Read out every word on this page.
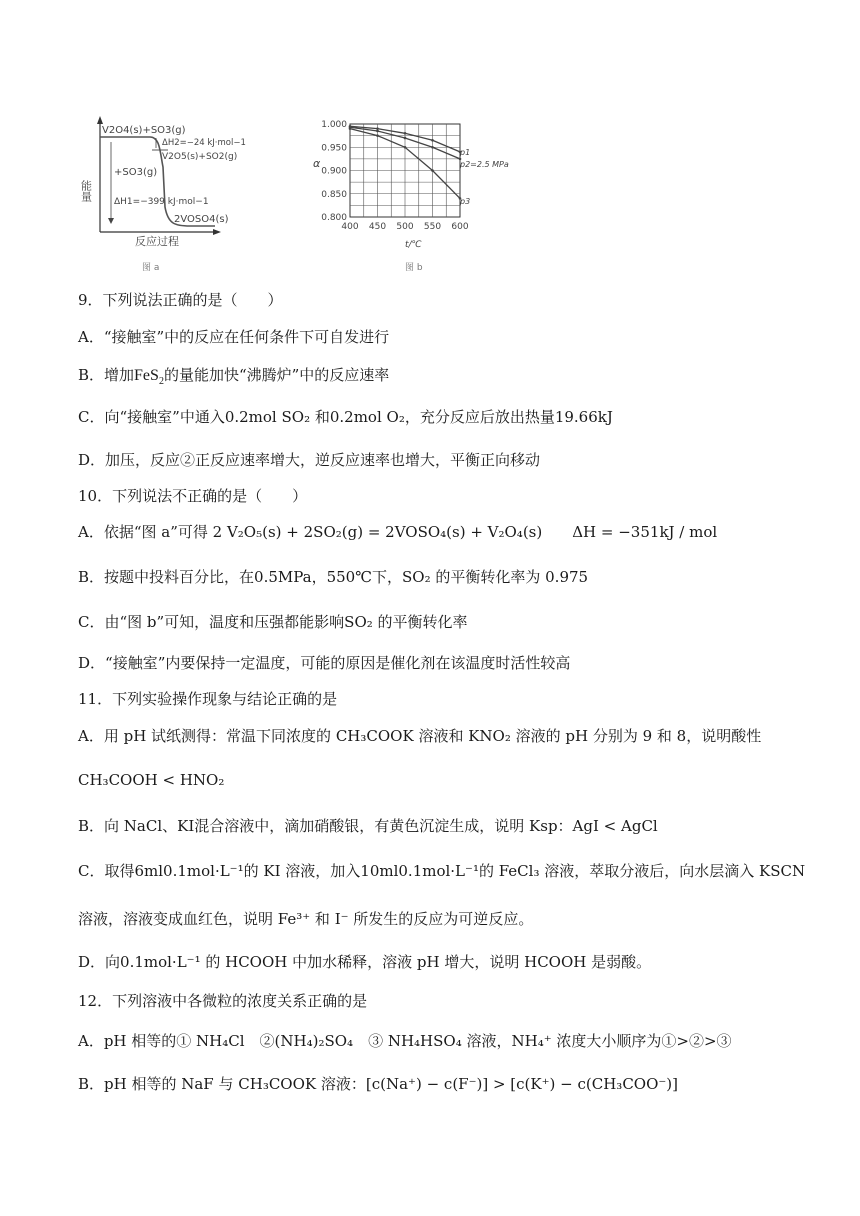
V2O4(s)+SO3(g)
ΔH2=−24 kJ·mol−1
V2O5(s)+SO2(g)
+SO3(g)
ΔH1=−399 kJ·mol−1
2VOSO4(s)
能量
反应过程
图 a
1.000
0.950
0.900
0.850
0.800
400 450 500 550 600
α
t/℃
图 b
p1
p2=2.5 MPa
p3
9．下列说法正确的是（　　）
A．“接触室”中的反应在任何条件下可自发进行
B．增加FeS$_2$的量能加快“沸腾炉”中的反应速率
C．向“接触室”中通入0.2mol SO₂ 和0.2mol O₂，充分反应后放出热量19.66kJ
D．加压，反应②正反应速率增大，逆反应速率也增大，平衡正向移动
10．下列说法不正确的是（　　）
A．依据“图 a”可得 2 V₂O₅(s) + 2SO₂(g) = 2VOSO₄(s) + V₂O₄(s)　　ΔH = −351kJ / mol
B．按题中投料百分比，在0.5MPa，550℃下，SO₂ 的平衡转化率为 0.975
C．由“图 b”可知，温度和压强都能影响SO₂ 的平衡转化率
D．“接触室”内要保持一定温度，可能的原因是催化剂在该温度时活性较高
11．下列实验操作现象与结论正确的是
A．用 pH 试纸测得：常温下同浓度的 CH₃COOK 溶液和 KNO₂ 溶液的 pH 分别为 9 和 8，说明酸性
CH₃COOH < HNO₂
B．向 NaCl、KI混合溶液中，滴加硝酸银，有黄色沉淀生成，说明 Ksp：AgI < AgCl
C．取得6ml0.1mol·L⁻¹的 KI 溶液，加入10ml0.1mol·L⁻¹的 FeCl₃ 溶液，萃取分液后，向水层滴入 KSCN
溶液，溶液变成血红色，说明 Fe³⁺ 和 I⁻ 所发生的反应为可逆反应。
D．向0.1mol·L⁻¹ 的 HCOOH 中加水稀释，溶液 pH 增大，说明 HCOOH 是弱酸。
12．下列溶液中各微粒的浓度关系正确的是
A．pH 相等的① NH₄Cl　②(NH₄)₂SO₄　③ NH₄HSO₄ 溶液，NH₄⁺ 浓度大小顺序为①>②>③
B．pH 相等的 NaF 与 CH₃COOK 溶液：[c(Na⁺) − c(F⁻)] > [c(K⁺) − c(CH₃COO⁻)]
